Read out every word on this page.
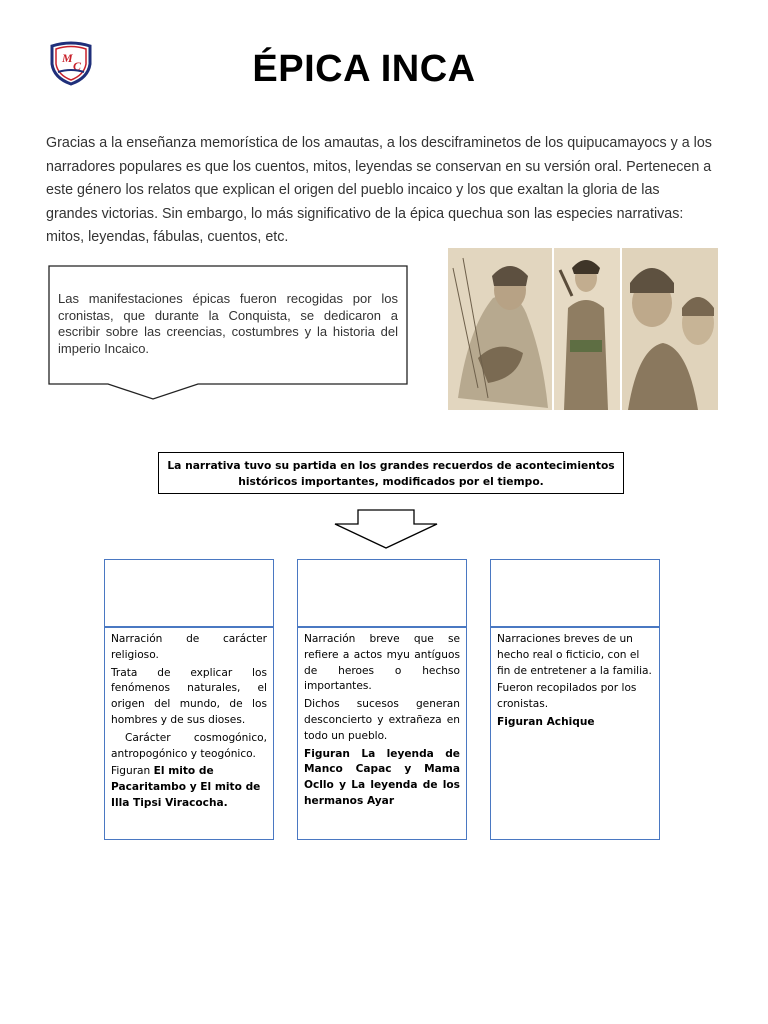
M
C	ÉPICA INCA
Gracias a la enseñanza memorística de los amautas, a los desciframinetos de los quipucamayocs y a los narradores populares es que los cuentos, mitos, leyendas se conservan en su versión oral. Pertenecen a este género los relatos que explican el origen del pueblo incaico y los que exaltan la gloria de las grandes victorias. Sin embargo, lo más significativo de la épica quechua son las especies narrativas: mitos, leyendas, fábulas, cuentos, etc.
Las manifestaciones épicas fueron recogidas por los cronistas, que durante la Conquista, se dedicaron a escribir sobre las creencias, costumbres y la historia del imperio Incaico.
La narrativa tuvo su partida en los grandes recuerdos de acontecimientos históricos importantes, modificados por el tiempo.

Narración de carácter religioso.

Trata de explicar los fenómenos naturales, el origen del mundo, de los hombres y de sus dioses.

Carácter cosmogónico, antropogónico y teogónico.

Figuran El mito de Pacaritambo y El mito de Illa Tipsi Viracocha.

Narración breve que se refiere a actos myu antíguos de heroes o hechso importantes.

Dichos sucesos generan desconcierto y extrañeza en todo un pueblo.

Figuran La leyenda de Manco Capac y Mama Ocllo y La leyenda de los hermanos Ayar

Narraciones breves de un hecho real o ficticio, con el fin de entretener a la familia.

Fueron recopilados por los cronistas.

Figuran Achique
